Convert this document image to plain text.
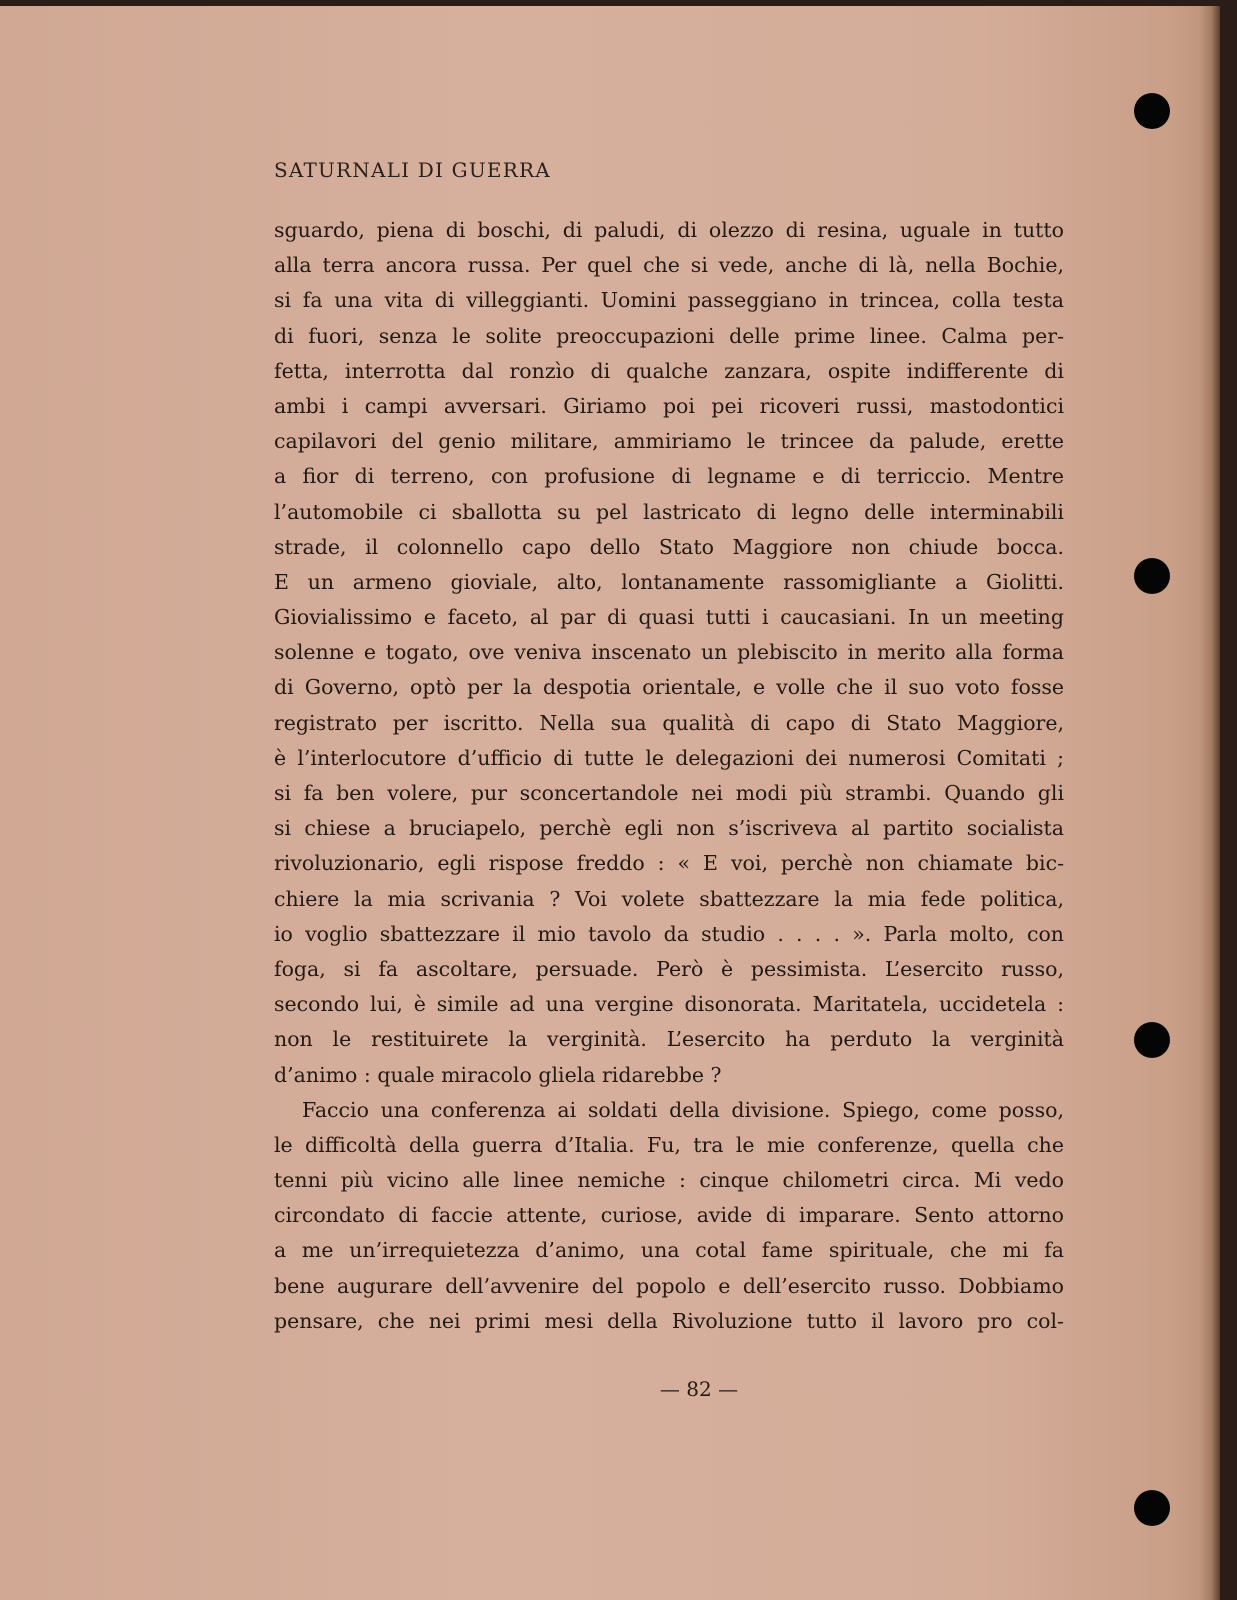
SATURNALI DI GUERRA
sguardo, piena di boschi, di paludi, di olezzo di resina, uguale in tutto
alla terra ancora russa. Per quel che si vede, anche di là, nella Bochie,
si fa una vita di villeggianti. Uomini passeggiano in trincea, colla testa
di fuori, senza le solite preoccupazioni delle prime linee. Calma per-
fetta, interrotta dal ronzìo di qualche zanzara, ospite indifferente di
ambi i campi avversari. Giriamo poi pei ricoveri russi, mastodontici
capilavori del genio militare, ammiriamo le trincee da palude, erette
a fior di terreno, con profusione di legname e di terriccio. Mentre
l’automobile ci sballotta su pel lastricato di legno delle interminabili
strade, il colonnello capo dello Stato Maggiore non chiude bocca.
E un armeno gioviale, alto, lontanamente rassomigliante a Giolitti.
Giovialissimo e faceto, al par di quasi tutti i caucasiani. In un meeting
solenne e togato, ove veniva inscenato un plebiscito in merito alla forma
di Governo, optò per la despotia orientale, e volle che il suo voto fosse
registrato per iscritto. Nella sua qualità di capo di Stato Maggiore,
è l’interlocutore d’ufficio di tutte le delegazioni dei numerosi Comitati ;
si fa ben volere, pur sconcertandole nei modi più strambi. Quando gli
si chiese a bruciapelo, perchè egli non s’iscriveva al partito socialista
rivoluzionario, egli rispose freddo : « E voi, perchè non chiamate bic-
chiere la mia scrivania ? Voi volete sbattezzare la mia fede politica,
io voglio sbattezzare il mio tavolo da studio . . . . ». Parla molto, con
foga, si fa ascoltare, persuade. Però è pessimista. L’esercito russo,
secondo lui, è simile ad una vergine disonorata. Maritatela, uccidetela :
non le restituirete la verginità. L’esercito ha perduto la verginità
d’animo : quale miracolo gliela ridarebbe ?
Faccio una conferenza ai soldati della divisione. Spiego, come posso,
le difficoltà della guerra d’Italia. Fu, tra le mie conferenze, quella che
tenni più vicino alle linee nemiche : cinque chilometri circa. Mi vedo
circondato di faccie attente, curiose, avide di imparare. Sento attorno
a me un’irrequietezza d’animo, una cotal fame spirituale, che mi fa
bene augurare dell’avvenire del popolo e dell’esercito russo. Dobbiamo
pensare, che nei primi mesi della Rivoluzione tutto il lavoro pro col-
— 82 —
